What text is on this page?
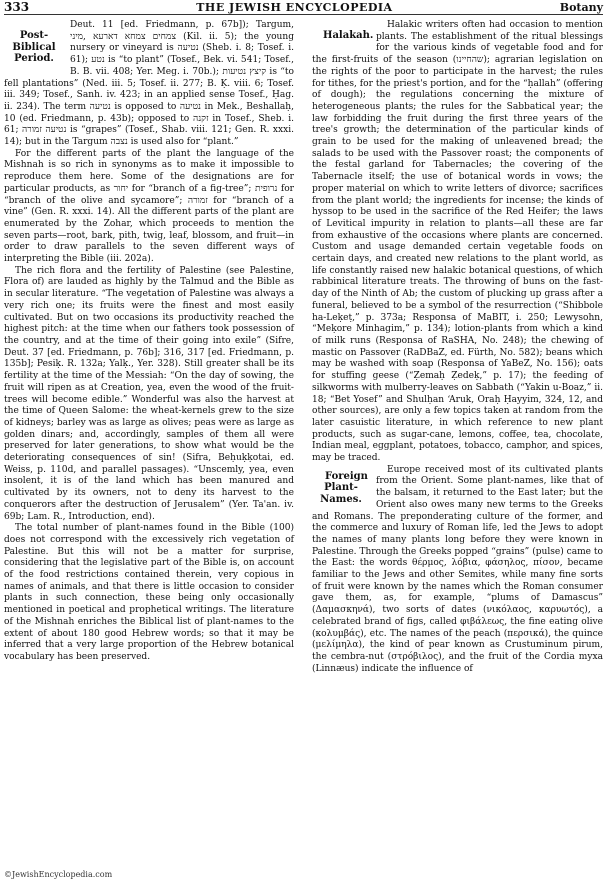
333	THE JEWISH ENCYCLOPEDIA	Botany

Post-Biblical Period.
Deut. 11 [ed. Friedmann, p. 67b]); Targum, צמחים צמחא דארעא ,מיני (Kil. ii. 5); the young nursery or vineyard is נטיעה (Sheb. i. 8; Tosef. i. 61); נטע is “to plant” (Tosef., Bek. vi. 541; Tosef., B. B. vii. 408; Yer. Meg. i. 70b.); קיצץ נטיעות is “to fell plantations” (Ned. iii. 5; Tosef. ii. 277; B. Ḳ. viii. 6; Tosef. iii. 349; Tosef., Sanh. iv. 423; in an applied sense Tosef., Ḥag. ii. 234). The term נטיעה is opposed to נטיעה in Mek., Beshallaḥ, 10 (ed. Friedmann, p. 43b); opposed to זקנה in Tosef., Sheb. i. 61; נטיעה זמורה is “grapes” (Tosef., Shab. viii. 121; Gen. R. xxxi. 14); but in the Targum נצבה is used also for “plant.”

For the different parts of the plant the language of the Mishnah is so rich in synonyms as to make it impossible to reproduce them here. Some of the designations are for particular products, as יחור for “branch of a fig-tree”; נרופית for “branch of the olive and sycamore”; זמורה for “branch of a vine” (Gen. R. xxxi. 14). All the different parts of the plant are enumerated by the Zohar, which proceeds to mention the seven parts—root, bark, pith, twig, leaf, blossom, and fruit—in order to draw parallels to the seven different ways of interpreting the Bible (iii. 202a).

The rich flora and the fertility of Palestine (see Palestine, Flora of) are lauded as highly by the Talmud and the Bible as in secular literature. “The vegetation of Palestine was always a very rich one; its fruits were the finest and most easily cultivated. But on two occasions its productivity reached the highest pitch: at the time when our fathers took possession of the country, and at the time of their going into exile” (Sifre, Deut. 37 [ed. Friedmann, p. 76b]; 316, 317 [ed. Friedmann, p. 135b]; Pesiḳ. R. 132a; Yalḳ., Yer. 328). Still greater shall be its fertility at the time of the Messiah: “On the day of sowing, the fruit will ripen as at Creation, yea, even the wood of the fruit-trees will become edible.” Wonderful was also the harvest at the time of Queen Salome: the wheat-kernels grew to the size of kidneys; barley was as large as olives; peas were as large as golden dinars; and, accordingly, samples of them all were preserved for later generations, to show what would be the deteriorating consequences of sin! (Sifra, Beḥuḳḳotai, ed. Weiss, p. 110d, and parallel passages). “Unscemly, yea, even insolent, it is of the land which has been manured and cultivated by its owners, not to deny its harvest to the conquerors after the destruction of Jerusalem” (Yer. Ta'an. iv. 69b; Lam. R., Introduction, end).

The total number of plant-names found in the Bible (100) does not correspond with the excessively rich vegetation of Palestine. But this will not be a matter for surprise, considering that the legislative part of the Bible is, on account of the food restrictions contained therein, very copious in names of animals, and that there is little occasion to consider plants in such connection, these being only occasionally mentioned in poetical and prophetical writings. The literature of the Mishnah enriches the Biblical list of plant-names to the extent of about 180 good Hebrew words; so that it may be inferred that a very large proportion of the Hebrew botanical vocabulary has been preserved.

Halakah.
Halakic writers often had occasion to mention plants. The establishment of the ritual blessings for the various kinds of vegetable food and for the first-fruits of the season (שהחיינו); agrarian legislation on the rights of the poor to participate in the harvest; the rules for tithes, for the priest's portion, and for the “ḥallah” (offering of dough); the regulations concerning the mixture of heterogeneous plants; the rules for the Sabbatical year; the law forbidding the fruit during the first three years of the tree's growth; the determination of the particular kinds of grain to be used for the making of unleavened bread; the salads to be used with the Passover roast; the components of the festal garland for Tabernacles; the covering of the Tabernacle itself; the use of botanical words in vows; the proper material on which to write letters of divorce; sacrifices from the plant world; the ingredients for incense; the kinds of hyssop to be used in the sacrifice of the Red Heifer; the laws of Levitical impurity in relation to plants—all these are far from exhaustive of the occasions where plants are concerned. Custom and usage demanded certain vegetable foods on certain days, and created new relations to the plant world, as life constantly raised new halakic botanical questions, of which rabbinical literature treats. The throwing of buns on the fast-day of the Ninth of Ab; the custom of plucking up grass after a funeral, believed to be a symbol of the resurrection (“Shibbole ha-Leḳeṭ,” p. 373a; Responsa of MaBIT, i. 250; Lewysohn, “Meḳore Minhagim,” p. 134); lotion-plants from which a kind of milk runs (Responsa of RaSHA, No. 248); the chewing of mastic on Passover (RaDBaZ, ed. Fürth, No. 582); beans which may be washed with soap (Responsa of YaBeZ, No. 156); oats for stuffing geese (“Ẓemaḥ Ẓedeḳ,” p. 17); the feeding of silkworms with mulberry-leaves on Sabbath (“Yakin u-Boaz,” ii. 18; “Bet Yosef” and Shulḥan ‘Aruk, Oraḥ Ḥayyim, 324, 12, and other sources), are only a few topics taken at random from the later casuistic literature, in which reference to new plant products, such as sugar-cane, lemons, coffee, tea, chocolate, Indian meal, eggplant, potatoes, tobacco, camphor, and spices, may be traced.

Foreign Plant-Names.
Europe received most of its cultivated plants from the Orient. Some plant-names, like that of the balsam, it returned to the East later; but the Orient also owes many new terms to the Greeks and Romans. The preponderating culture of the former, and the commerce and luxury of Roman life, led the Jews to adopt the names of many plants long before they were known in Palestine. Through the Greeks popped “grains” (pulse) came to the East: the words θέρμος, λόβια, φάσηλος, πίσον, became familiar to the Jews and other Semites, while many fine sorts of fruit were known by the names which the Roman consumer gave them, as, for example, “plums of Damascus” (Δαμασκηνά), two sorts of dates (νικόλαος, καρυωτός), a celebrated brand of figs, called φιβάλεως, the fine eating olive (κολυμβάς), etc. The names of the peach (περσικά), the quince (μελίμηλα), the kind of pear known as Crustuminum pirum, the cembra-nut (στρόβιλος), and the fruit of the Cordia myxa (Linnæus) indicate the influence of

©JewishEncyclopedia.com
